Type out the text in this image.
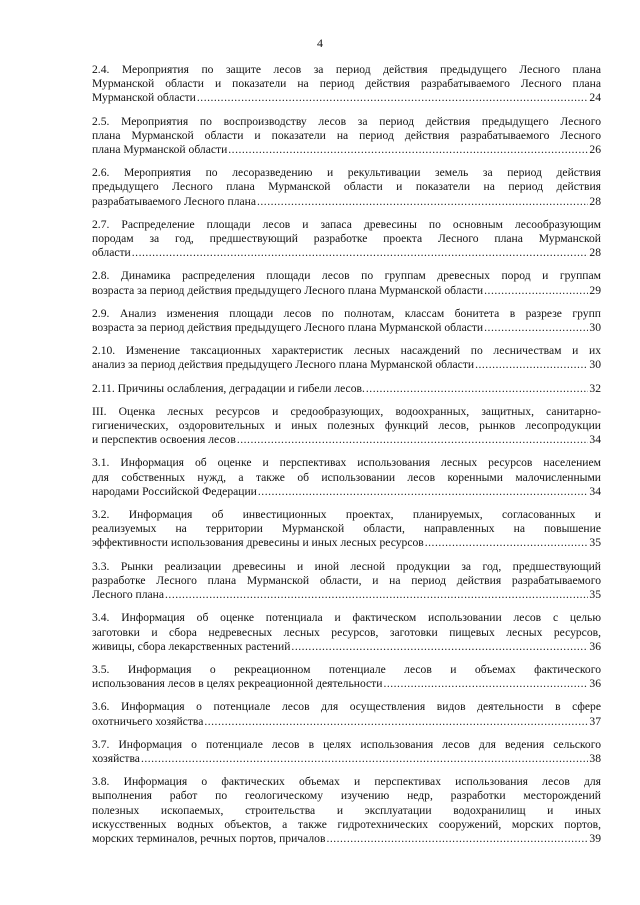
4
2.4. Мероприятия по защите лесов за период действия предыдущего Лесного плана
Мурманской области и показатели на период действия разрабатываемого Лесного плана
Мурманской области .....	24
2.5. Мероприятия по воспроизводству лесов за период действия предыдущего Лесного
плана Мурманской области и показатели на период действия разрабатываемого Лесного
плана Мурманской области .....	26
2.6. Мероприятия по лесоразведению и рекультивации земель за период действия
предыдущего Лесного плана Мурманской области и показатели на период действия
разрабатываемого Лесного плана .....	28
2.7. Распределение площади лесов и запаса древесины по основным лесообразующим
породам за год, предшествующий разработке проекта Лесного плана Мурманской
области .....	28
2.8. Динамика распределения площади лесов по группам древесных пород и группам
возраста за период действия предыдущего Лесного плана Мурманской области .....	29
2.9. Анализ изменения площади лесов по полнотам, классам бонитета в разрезе групп
возраста за период действия предыдущего Лесного плана Мурманской области .....	30
2.10. Изменение таксационных характеристик лесных насаждений по лесничествам и их
анализ за период действия предыдущего Лесного плана Мурманской области .....	30
2.11. Причины ослабления, деградации и гибели лесов. .....	32
III. Оценка лесных ресурсов и средообразующих, водоохранных, защитных, санитарно-
гигиенических, оздоровительных и иных полезных функций лесов, рынков лесопродукции
и перспектив освоения лесов .....	34
3.1. Информация об оценке и перспективах использования лесных ресурсов населением
для собственных нужд, а также об использовании лесов коренными малочисленными
народами Российской Федерации .....	34
3.2. Информация об инвестиционных проектах, планируемых, согласованных и
реализуемых на территории Мурманской области, направленных на повышение
эффективности использования древесины и иных лесных ресурсов .....	35
3.3. Рынки реализации древесины и иной лесной продукции за год, предшествующий
разработке Лесного плана Мурманской области, и на период действия разрабатываемого
Лесного плана .....	35
3.4. Информация об оценке потенциала и фактическом использовании лесов с целью
заготовки и сбора недревесных лесных ресурсов, заготовки пищевых лесных ресурсов,
живицы, сбора лекарственных растений .....	36
3.5. Информация о рекреационном потенциале лесов и объемах фактического
использования лесов в целях рекреационной деятельности .....	36
3.6. Информация о потенциале лесов для осуществления видов деятельности в сфере
охотничьего хозяйства .....	37
3.7. Информация о потенциале лесов в целях использования лесов для ведения сельского
хозяйства .....	38
3.8. Информация о фактических объемах и перспективах использования лесов для
выполнения работ по геологическому изучению недр, разработки месторождений
полезных ископаемых, строительства и эксплуатации водохранилищ и иных
искусственных водных объектов, а также гидротехнических сооружений, морских портов,
морских терминалов, речных портов, причалов .....	39
